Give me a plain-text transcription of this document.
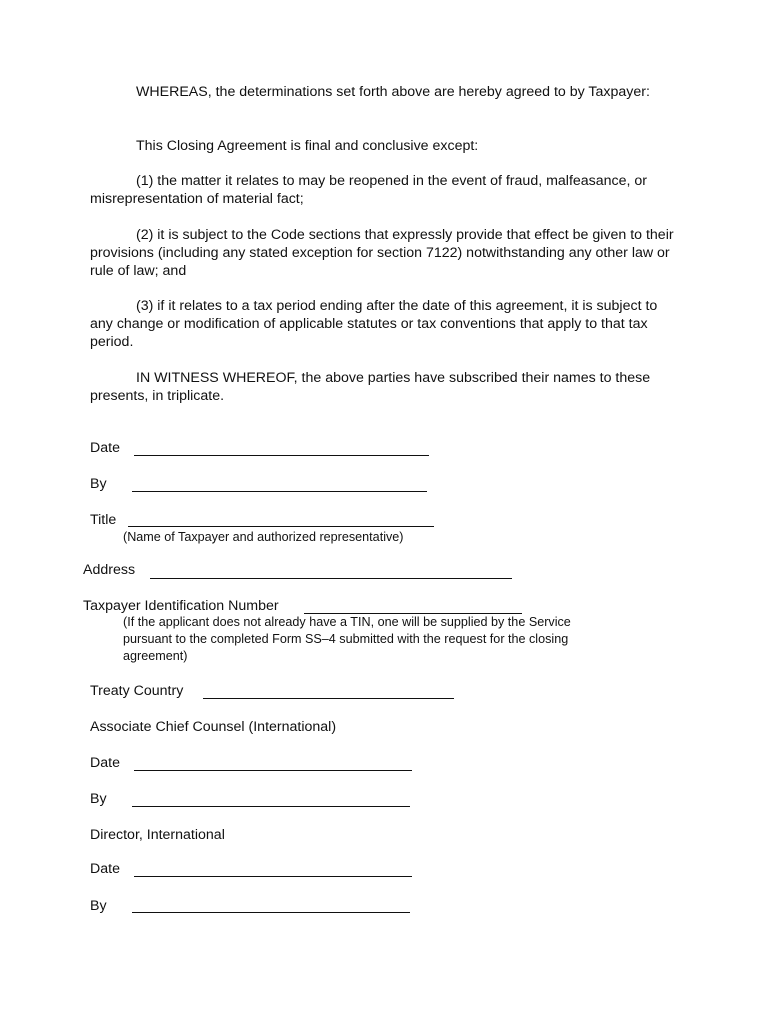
WHEREAS, the determinations set forth above are hereby agreed to by Taxpayer:

This Closing Agreement is final and conclusive except:

(1) the matter it relates to may be reopened in the event of fraud, malfeasance, or misrepresentation of material fact;

(2) it is subject to the Code sections that expressly provide that effect be given to their provisions (including any stated exception for section 7122) notwithstanding any other law or rule of law; and

(3) if it relates to a tax period ending after the date of this agreement, it is subject to any change or modification of applicable statutes or tax conventions that apply to that tax period.

IN WITNESS WHEREOF, the above parties have subscribed their names to these presents, in triplicate.

Date
By
Title
(Name of Taxpayer and authorized representative)
Address
Taxpayer Identification Number

(If the applicant does not already have a TIN, one will be supplied by the Service pursuant to the completed Form SS–4 submitted with the request for the closing agreement)

Treaty Country
Associate Chief Counsel (International)
Date
By
Director, International
Date
By
